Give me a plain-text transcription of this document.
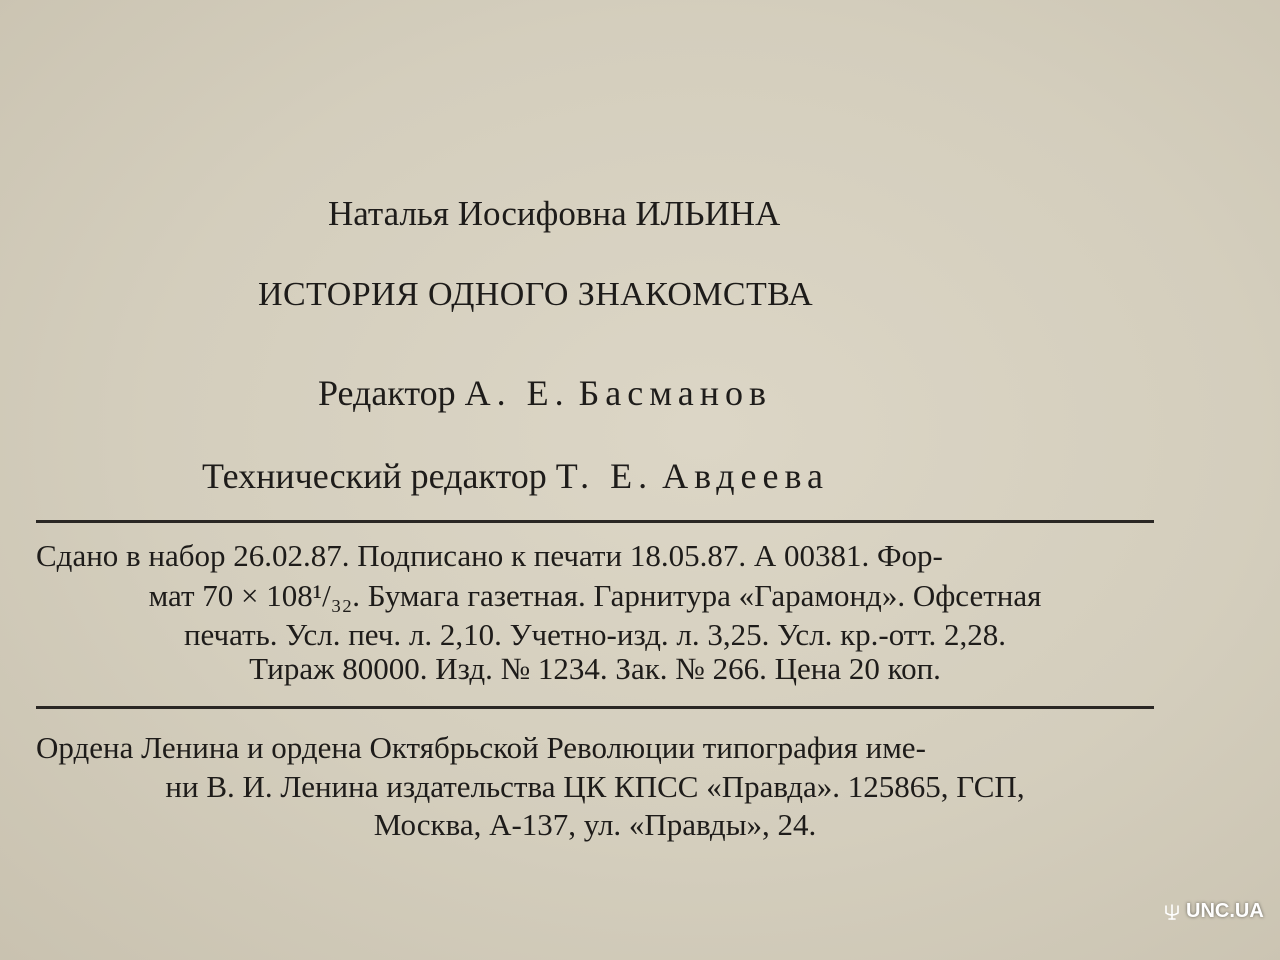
Наталья Иосифовна ИЛЬИНА
ИСТОРИЯ ОДНОГО ЗНАКОМСТВА
Редактор А. Е. Басманов
Технический редактор Т. Е. Авдеева
Сдано в набор 26.02.87. Подписано к печати 18.05.87. А 00381. Фор-
мат 70 × 108¹/₃₂. Бумага газетная. Гарнитура «Гарамонд». Офсетная
печать. Усл. печ. л. 2,10. Учетно-изд. л. 3,25. Усл. кр.-отт. 2,28.
Тираж 80000. Изд. № 1234. Зак. № 266. Цена 20 коп.
Ордена Ленина и ордена Октябрьской Революции типография име-
ни В. И. Ленина издательства ЦК КПСС «Правда». 125865, ГСП,
Москва, А-137, ул. «Правды», 24.
UNC.UA
